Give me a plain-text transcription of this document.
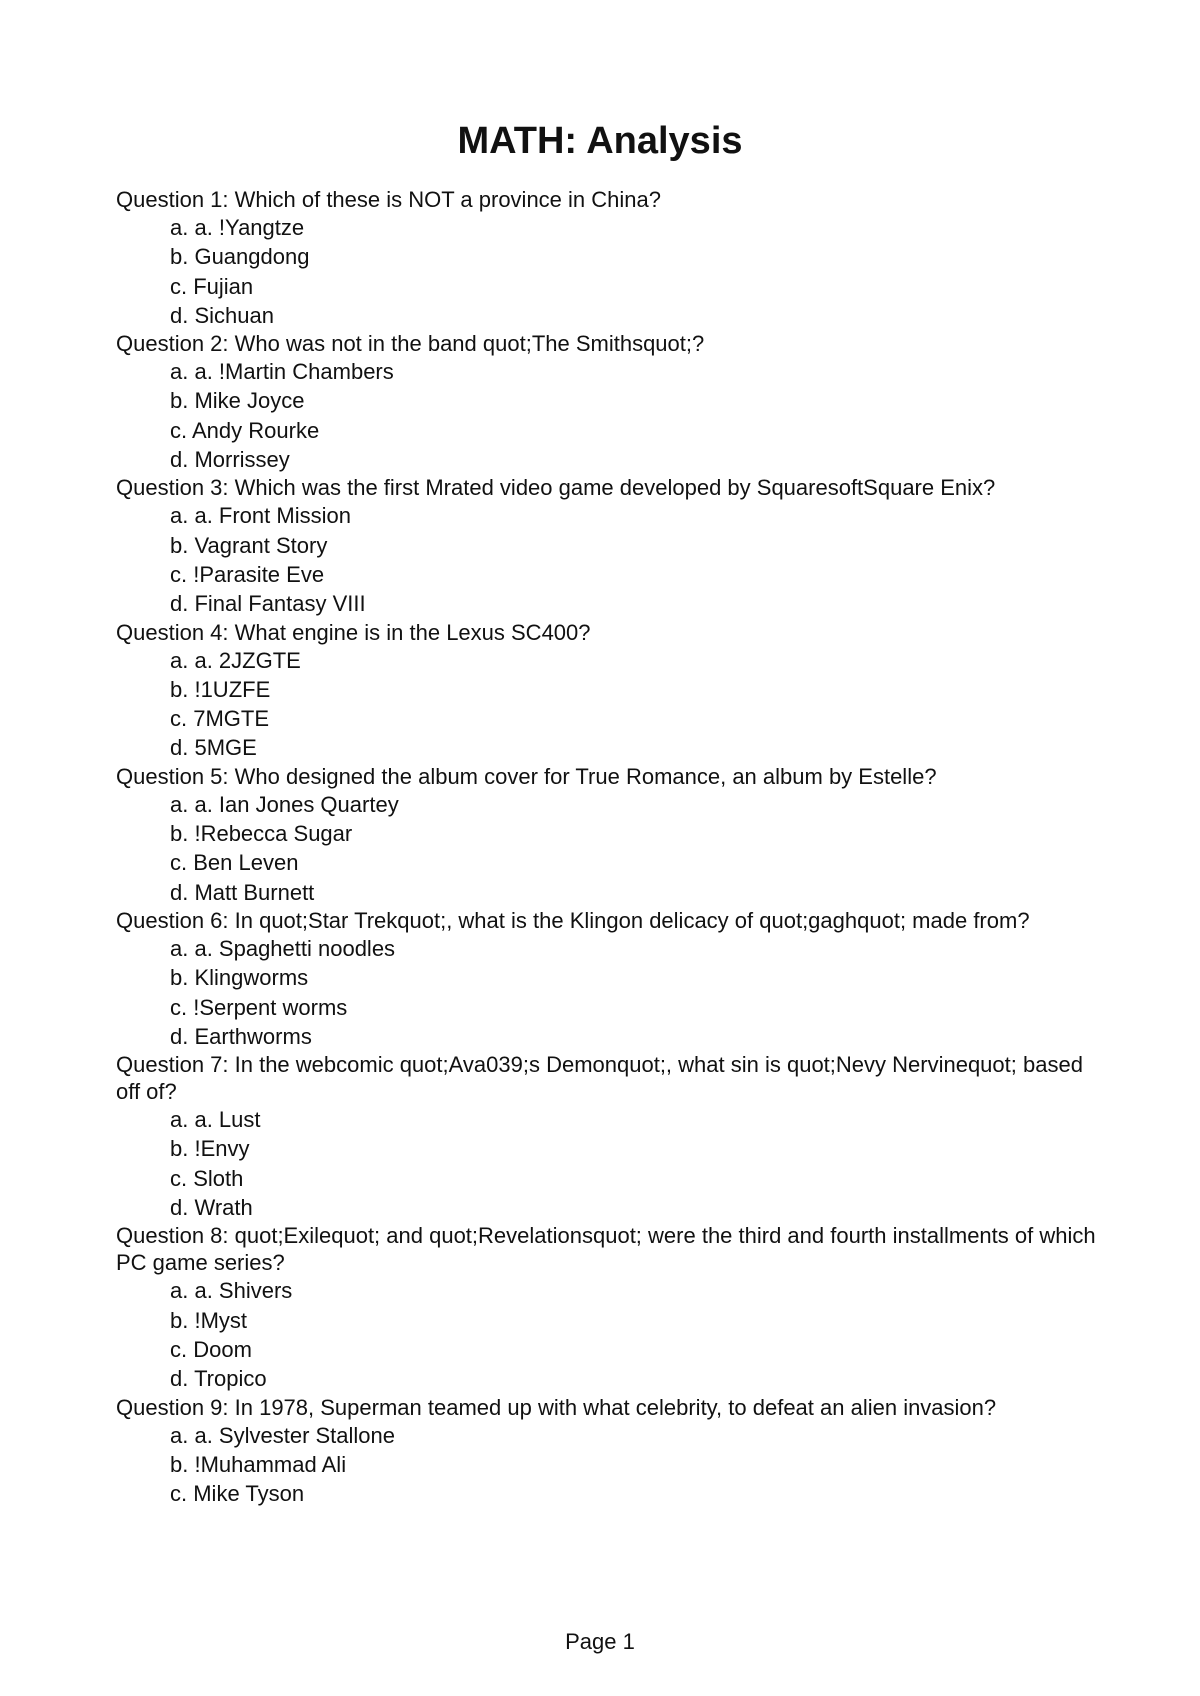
MATH: Analysis

Question 1: Which of these is NOT a province in China?

a. a. !Yangtze
b. Guangdong
c. Fujian
d. Sichuan

Question 2: Who was not in the band quot;The Smithsquot;?

a. a. !Martin Chambers
b. Mike Joyce
c. Andy Rourke
d. Morrissey

Question 3: Which was the first Mrated video game developed by SquaresoftSquare Enix?

a. a. Front Mission
b. Vagrant Story
c. !Parasite Eve
d. Final Fantasy VIII

Question 4: What engine is in the Lexus SC400?

a. a. 2JZGTE
b. !1UZFE
c. 7MGTE
d. 5MGE

Question 5: Who designed the album cover for True Romance, an album by Estelle?

a. a. Ian Jones Quartey
b. !Rebecca Sugar
c. Ben Leven
d. Matt Burnett

Question 6: In quot;Star Trekquot;, what is the Klingon delicacy of quot;gaghquot; made from?

a. a. Spaghetti noodles
b. Klingworms
c. !Serpent worms
d. Earthworms

Question 7: In the webcomic quot;Ava039;s Demonquot;, what sin is quot;Nevy Nervinequot; based off of?

a. a. Lust
b. !Envy
c. Sloth
d. Wrath

Question 8: quot;Exilequot; and quot;Revelationsquot; were the third and fourth installments of which PC game series?

a. a. Shivers
b. !Myst
c. Doom
d. Tropico

Question 9: In 1978, Superman teamed up with what celebrity, to defeat an alien invasion?

a. a. Sylvester Stallone
b. !Muhammad Ali
c. Mike Tyson
Page 1
